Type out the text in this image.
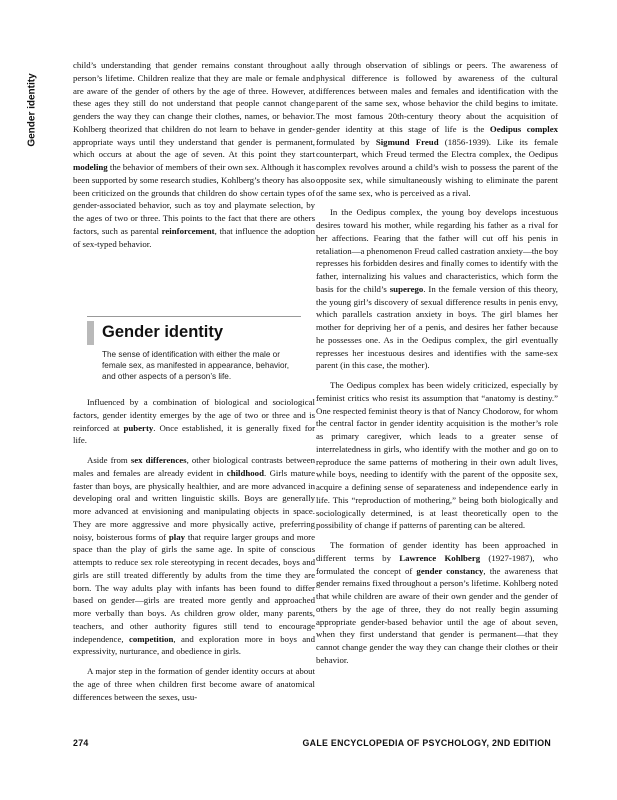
Gender identity

child’s understanding that gender remains constant throughout a person’s lifetime. Children realize that they are male or female and are aware of the gender of others by the age of three. However, at these ages they still do not understand that people cannot change genders the way they can change their clothes, names, or behavior. Kohlberg theorized that children do not learn to behave in gender-appropriate ways until they understand that gender is permanent, which occurs at about the age of seven. At this point they start modeling the behavior of members of their own sex. Although it has been supported by some research studies, Kohlberg’s theory has also been criticized on the grounds that children do show certain types of gender-associated behavior, such as toy and playmate selection, by the ages of two or three. This points to the fact that there are others factors, such as parental reinforcement, that influence the adoption of sex-typed behavior.

Gender identity
The sense of identification with either the male or female sex, as manifested in appearance, behavior, and other aspects of a person’s life.

Influenced by a combination of biological and sociological factors, gender identity emerges by the age of two or three and is reinforced at puberty. Once established, it is generally fixed for life.

Aside from sex differences, other biological contrasts between males and females are already evident in childhood. Girls mature faster than boys, are physically healthier, and are more advanced in developing oral and written linguistic skills. Boys are generally more advanced at envisioning and manipulating objects in space. They are more aggressive and more physically active, preferring noisy, boisterous forms of play that require larger groups and more space than the play of girls the same age. In spite of conscious attempts to reduce sex role stereotyping in recent decades, boys and girls are still treated differently by adults from the time they are born. The way adults play with infants has been found to differ based on gender—girls are treated more gently and approached more verbally than boys. As children grow older, many parents, teachers, and other authority figures still tend to encourage independence, competition, and exploration more in boys and expressivity, nurturance, and obedience in girls.

A major step in the formation of gender identity occurs at about the age of three when children first become aware of anatomical differences between the sexes, usu-

ally through observation of siblings or peers. The awareness of physical difference is followed by awareness of the cultural differences between males and females and identification with the parent of the same sex, whose behavior the child begins to imitate. The most famous 20th-century theory about the acquisition of gender identity at this stage of life is the Oedipus complex formulated by Sigmund Freud (1856-1939). Like its female counterpart, which Freud termed the Electra complex, the Oedipus complex revolves around a child’s wish to possess the parent of the opposite sex, while simultaneously wishing to eliminate the parent of the same sex, who is perceived as a rival.

In the Oedipus complex, the young boy develops incestuous desires toward his mother, while regarding his father as a rival for her affections. Fearing that the father will cut off his penis in retaliation—a phenomenon Freud called castration anxiety—the boy represses his forbidden desires and finally comes to identify with the father, internalizing his values and characteristics, which form the basis for the child’s superego. In the female version of this theory, the young girl’s discovery of sexual difference results in penis envy, which parallels castration anxiety in boys. The girl blames her mother for depriving her of a penis, and desires her father because he possesses one. As in the Oedipus complex, the girl eventually represses her incestuous desires and identifies with the same-sex parent (in this case, the mother).

The Oedipus complex has been widely criticized, especially by feminist critics who resist its assumption that “anatomy is destiny.” One respected feminist theory is that of Nancy Chodorow, for whom the central factor in gender identity acquisition is the mother’s role as primary caregiver, which leads to a greater sense of interrelatedness in girls, who identify with the mother and go on to reproduce the same patterns of mothering in their own adult lives, while boys, needing to identify with the parent of the opposite sex, acquire a defining sense of separateness and independence early in life. This “reproduction of mothering,” being both biologically and sociologically determined, is at least theoretically open to the possibility of change if patterns of parenting can be altered.

The formation of gender identity has been approached in different terms by Lawrence Kohlberg (1927-1987), who formulated the concept of gender constancy, the awareness that gender remains fixed throughout a person’s lifetime. Kohlberg noted that while children are aware of their own gender and the gender of others by the age of three, they do not really begin assuming appropriate gender-based behavior until the age of about seven, when they first understand that gender is permanent—that they cannot change gender the way they can change their clothes or their behavior.

274	GALE ENCYCLOPEDIA OF PSYCHOLOGY, 2ND EDITION
